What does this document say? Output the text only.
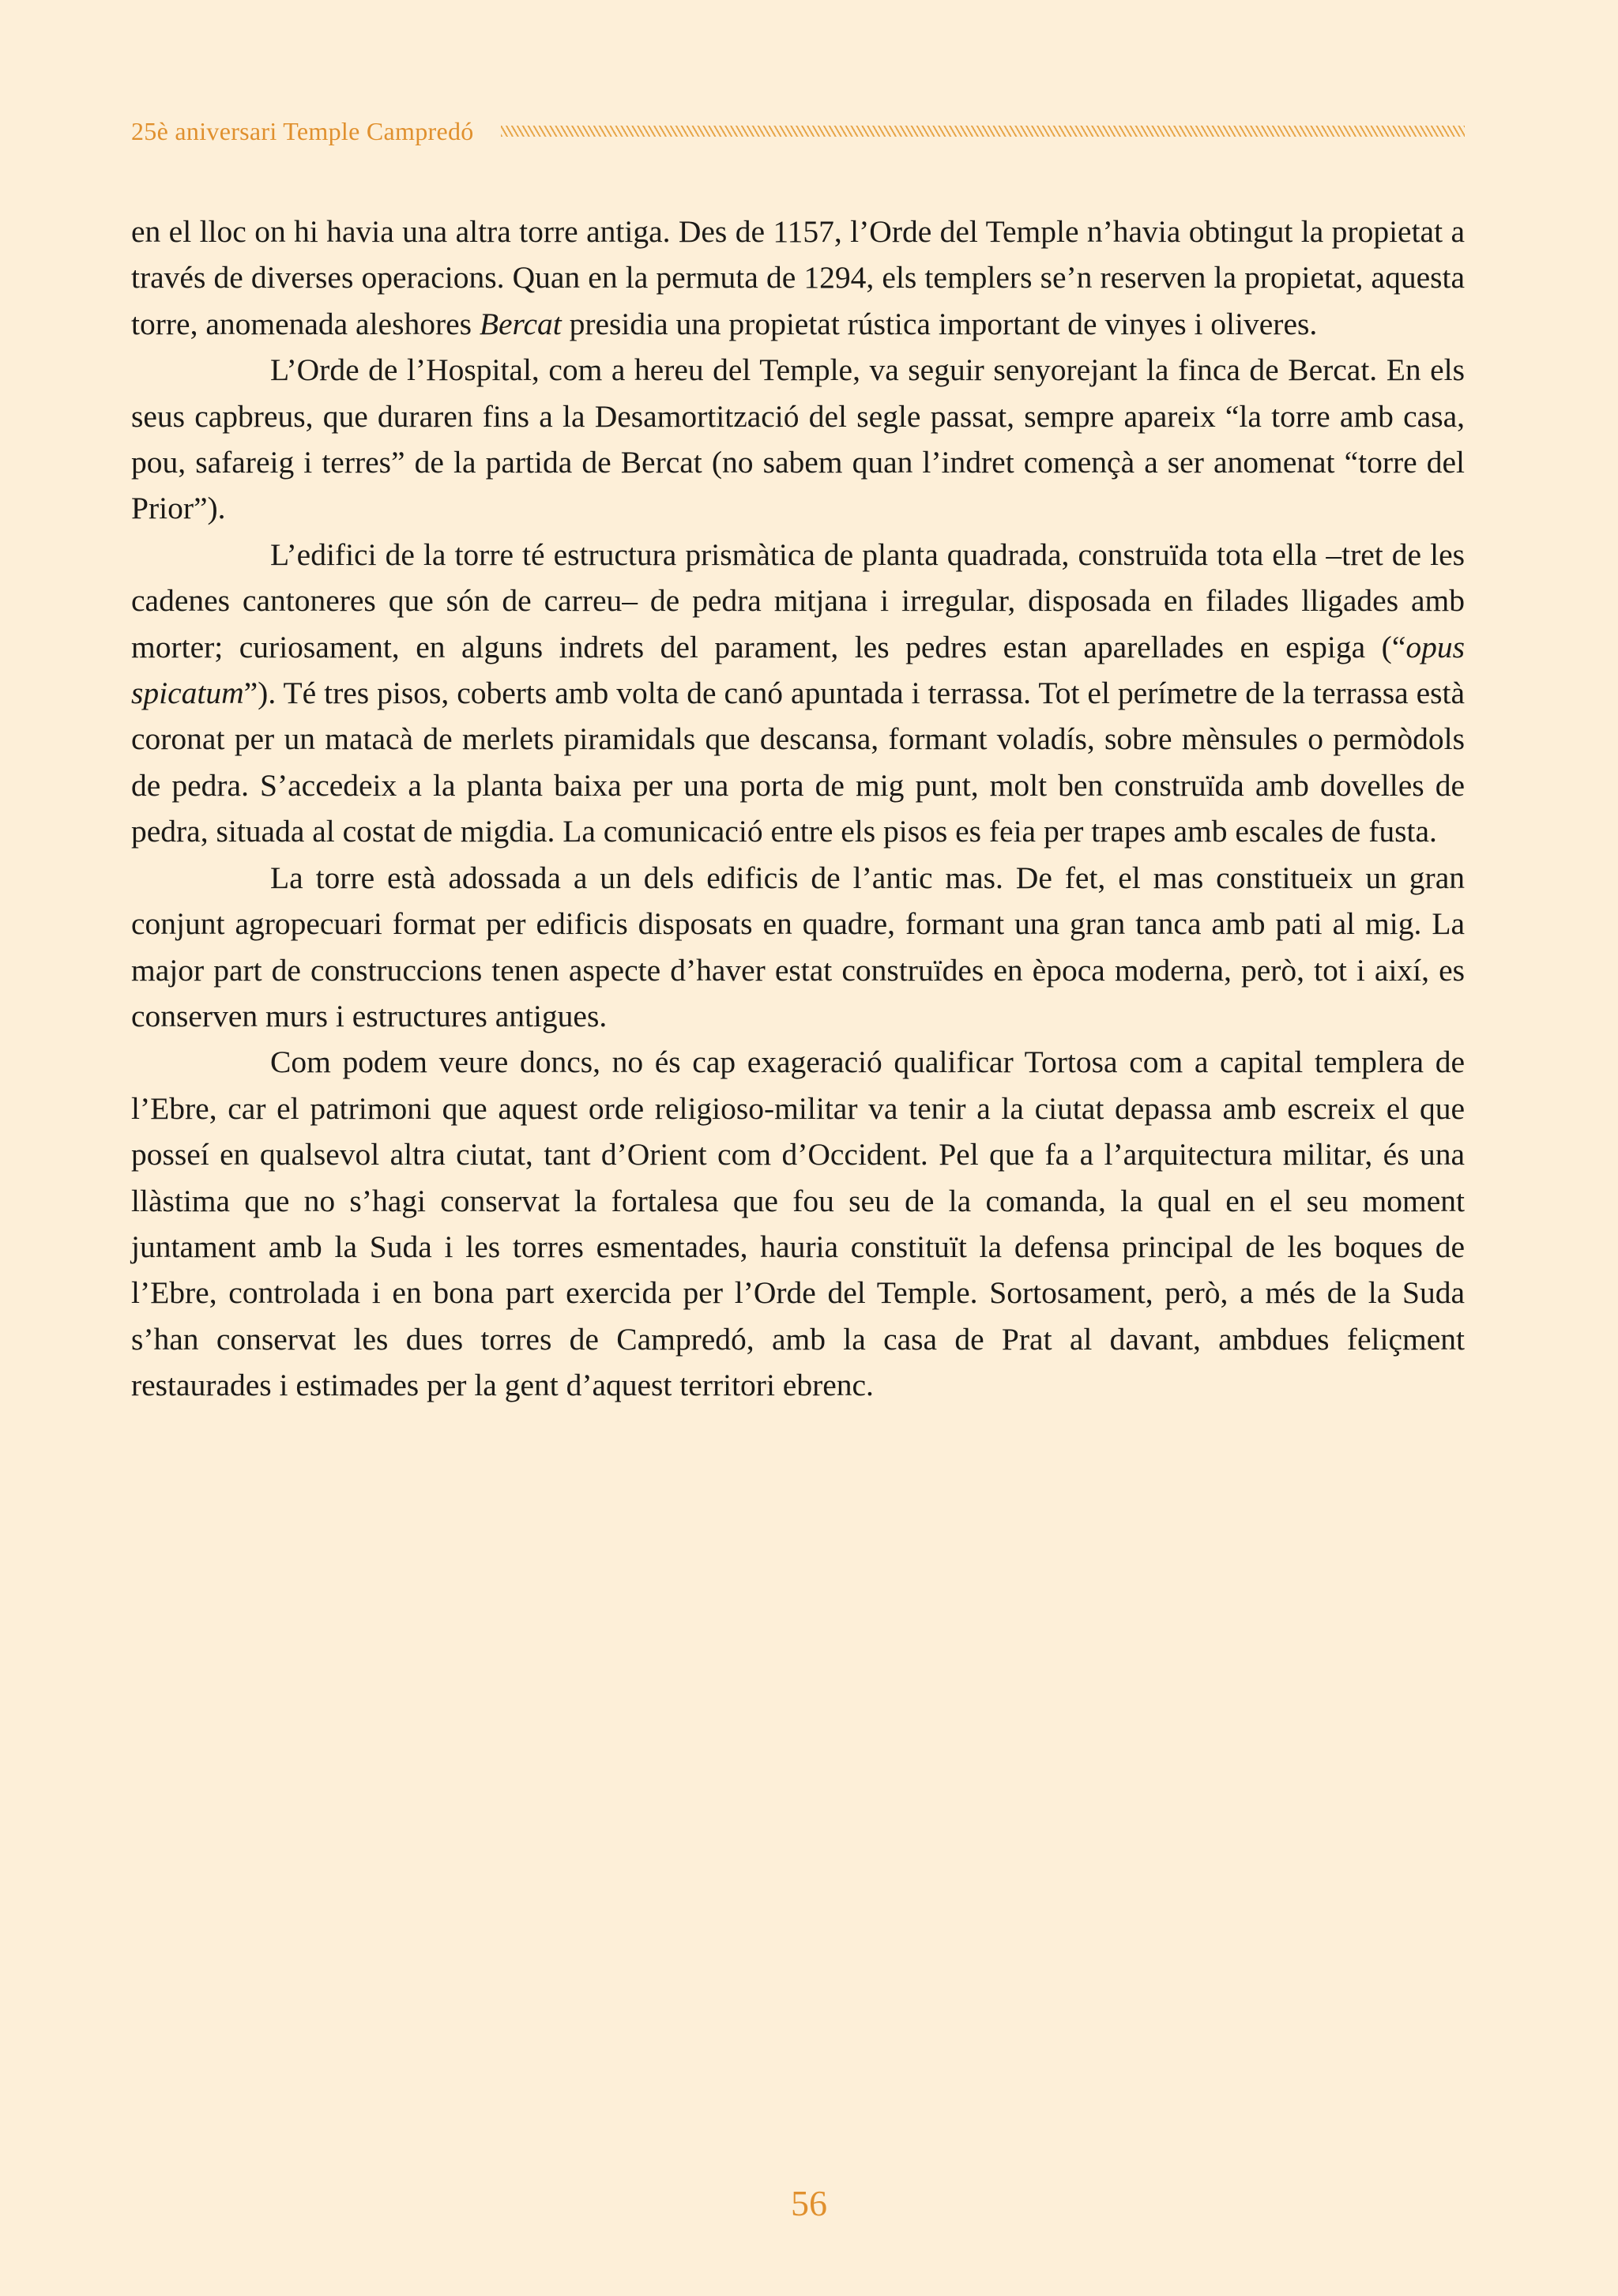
25è aniversari Temple Campredó

en el lloc on hi havia una altra torre antiga. Des de 1157, l’Orde del Temple n’havia obtingut la propietat a través de diverses operacions. Quan en la permuta de 1294, els templers se’n reserven la propietat, aquesta torre, anomenada aleshores Bercat presidia una propietat rústica important de vinyes i oliveres.

L’Orde de l’Hospital, com a hereu del Temple, va seguir senyorejant la finca de Bercat. En els seus capbreus, que duraren fins a la Desamortització del segle passat, sempre apareix “la torre amb casa, pou, safareig i terres” de la partida de Bercat (no sabem quan l’indret començà a ser anomenat “torre del Prior”).

L’edifici de la torre té estructura prismàtica de planta quadrada, construïda tota ella –tret de les cadenes cantoneres que són de carreu– de pedra mitjana i irregular, disposada en filades lligades amb morter; curiosament, en alguns indrets del parament, les pedres estan aparellades en espiga (“opus spicatum”). Té tres pisos, coberts amb volta de canó apuntada i terrassa. Tot el perímetre de la terrassa està coronat per un matacà de merlets piramidals que descansa, formant voladís, sobre mènsules o permòdols de pedra. S’accedeix a la planta baixa per una porta de mig punt, molt ben construïda amb dovelles de pedra, situada al costat de migdia. La comunicació entre els pisos es feia per trapes amb escales de fusta.

La torre està adossada a un dels edificis de l’antic mas. De fet, el mas constitueix un gran conjunt agropecuari format per edificis disposats en quadre, formant una gran tanca amb pati al mig. La major part de construccions tenen aspecte d’haver estat construïdes en època moderna, però, tot i així, es conserven murs i estructures antigues.

Com podem veure doncs, no és cap exageració qualificar Tortosa com a capital templera de l’Ebre, car el patrimoni que aquest orde religioso-militar va tenir a la ciutat depassa amb escreix el que posseí en qualsevol altra ciutat, tant d’Orient com d’Occident. Pel que fa a l’arquitectura militar, és una llàstima que no s’hagi conservat la fortalesa que fou seu de la comanda, la qual en el seu moment juntament amb la Suda i les torres esmentades, hauria constituït la defensa principal de les boques de l’Ebre, controlada i en bona part exercida per l’Orde del Temple. Sortosament, però, a més de la Suda s’han conservat les dues torres de Campredó, amb la casa de Prat al davant, ambdues feliçment restaurades i estimades per la gent d’aquest territori ebrenc.

56
